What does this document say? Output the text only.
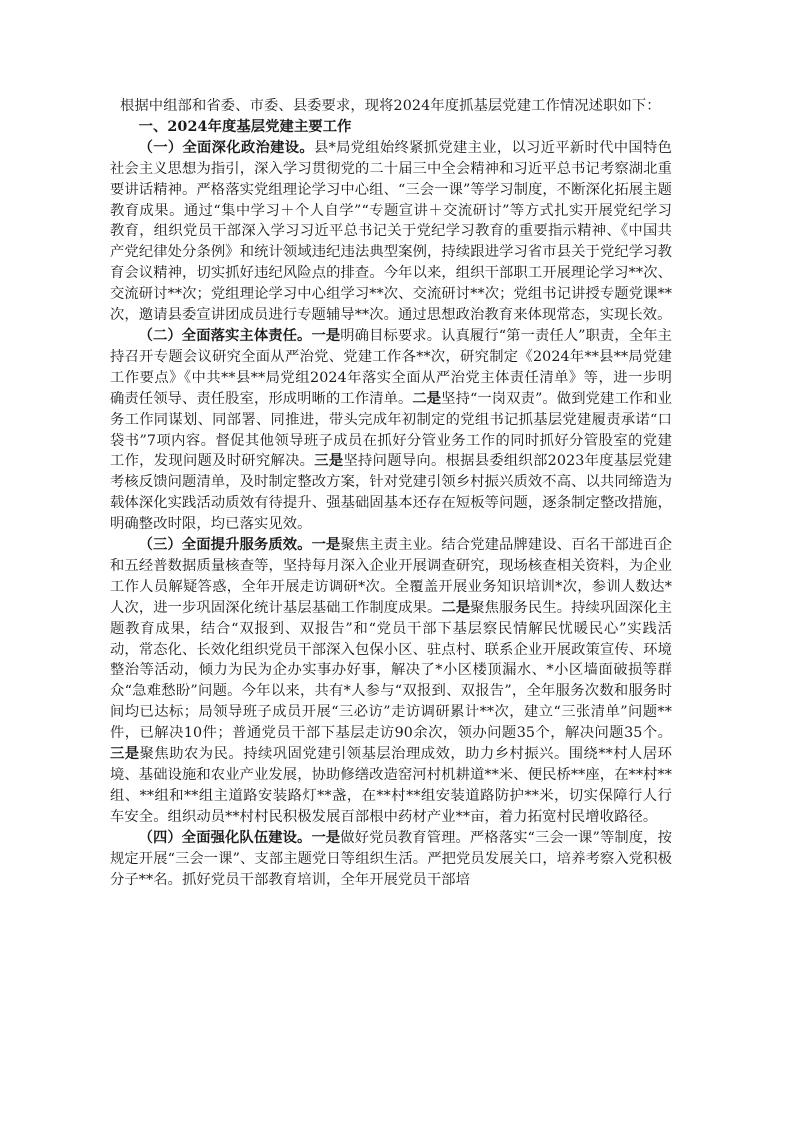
根据中组部和省委、市委、县委要求，现将2024年度抓基层党建工作情况述职如下：

一、2024年度基层党建主要工作

（一）全面深化政治建设。县*局党组始终紧抓党建主业，以习近平新时代中国特色社会主义思想为指引，深入学习贯彻党的二十届三中全会精神和习近平总书记考察湖北重要讲话精神。严格落实党组理论学习中心组、“三会一课”等学习制度，不断深化拓展主题教育成果。通过“集中学习＋个人自学”“专题宣讲＋交流研讨”等方式扎实开展党纪学习教育，组织党员干部深入学习习近平总书记关于党纪学习教育的重要指示精神、《中国共产党纪律处分条例》和统计领域违纪违法典型案例，持续跟进学习省市县关于党纪学习教育会议精神，切实抓好违纪风险点的排查。今年以来，组织干部职工开展理论学习**次、交流研讨**次；党组理论学习中心组学习**次、交流研讨**次；党组书记讲授专题党课**次，邀请县委宣讲团成员进行专题辅导**次。通过思想政治教育来体现常态，实现长效。

（二）全面落实主体责任。一是明确目标要求。认真履行“第一责任人”职责，全年主持召开专题会议研究全面从严治党、党建工作各**次，研究制定《2024年**县**局党建工作要点》《中共**县**局党组2024年落实全面从严治党主体责任清单》等，进一步明确责任领导、责任股室，形成明晰的工作清单。二是坚持“一岗双责”。做到党建工作和业务工作同谋划、同部署、同推进，带头完成年初制定的党组书记抓基层党建履责承诺“口袋书”7项内容。督促其他领导班子成员在抓好分管业务工作的同时抓好分管股室的党建工作，发现问题及时研究解决。三是坚持问题导向。根据县委组织部2023年度基层党建考核反馈问题清单，及时制定整改方案，针对党建引领乡村振兴质效不高、以共同缔造为载体深化实践活动质效有待提升、强基础固基本还存在短板等问题，逐条制定整改措施，明确整改时限，均已落实见效。

（三）全面提升服务质效。一是聚焦主责主业。结合党建品牌建设、百名干部进百企和五经普数据质量核查等，坚持每月深入企业开展调查研究，现场核查相关资料，为企业工作人员解疑答惑，全年开展走访调研*次。全覆盖开展业务知识培训*次，参训人数达*人次，进一步巩固深化统计基层基础工作制度成果。二是聚焦服务民生。持续巩固深化主题教育成果，结合“双报到、双报告”和“党员干部下基层察民情解民忧暖民心”实践活动，常态化、长效化组织党员干部深入包保小区、驻点村、联系企业开展政策宣传、环境整治等活动，倾力为民为企办实事办好事，解决了*小区楼顶漏水、*小区墙面破损等群众“急难愁盼”问题。今年以来，共有*人参与“双报到、双报告”，全年服务次数和服务时间均已达标；局领导班子成员开展“三必访”走访调研累计**次，建立“三张清单”问题**件，已解决10件；普通党员干部下基层走访90余次，领办问题35个，解决问题35个。三是聚焦助农为民。持续巩固党建引领基层治理成效，助力乡村振兴。围绕**村人居环境、基础设施和农业产业发展，协助修缮改造窑河村机耕道**米、便民桥**座，在**村**组、**组和**组主道路安装路灯**盏，在**村**组安装道路防护**米，切实保障行人行车安全。组织动员**村村民积极发展百部根中药材产业**亩，着力拓宽村民增收路径。

（四）全面强化队伍建设。一是做好党员教育管理。严格落实“三会一课”等制度，按规定开展“三会一课”、支部主题党日等组织生活。严把党员发展关口，培养考察入党积极分子**名。抓好党员干部教育培训，全年开展党员干部培
